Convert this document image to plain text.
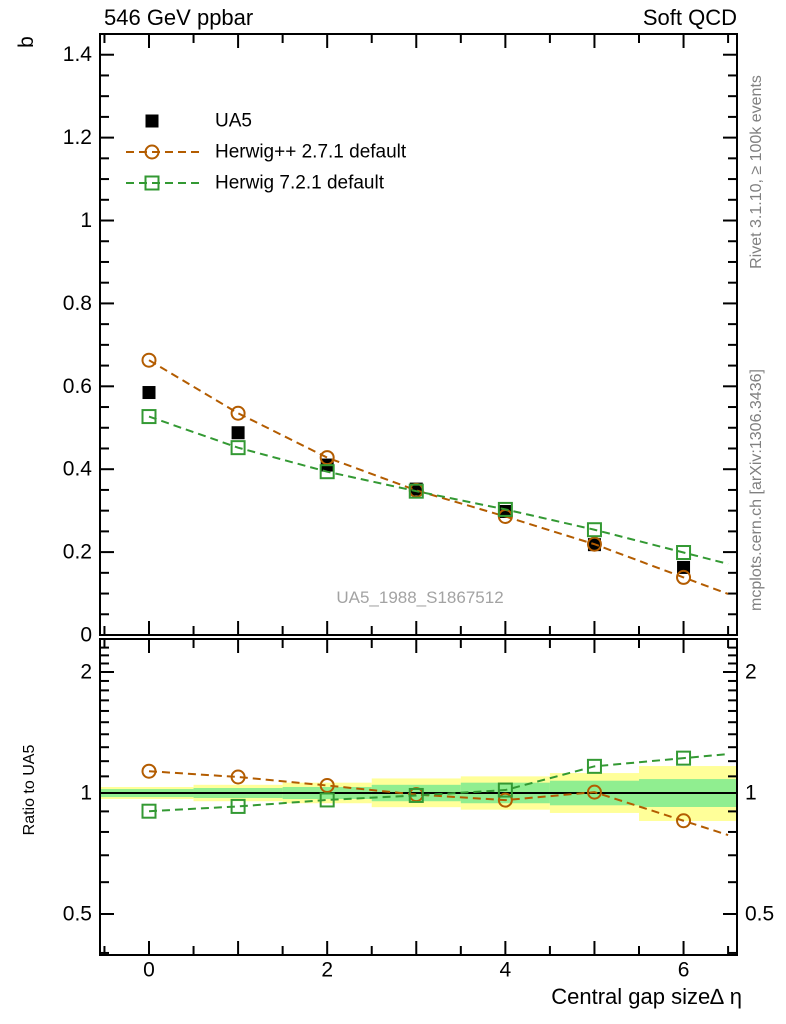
546 GeV ppbar	Soft QCD
b
Rivet 3.1.10, ≥ 100k events
mcplots.cern.ch [arXiv:1306.3436]
UA5_1988_S1867512
Ratio to UA5
Central gap size∆ η
0
0.2
0.4
0.6
0.8
1
1.2
1.4
UA5
Herwig++ 2.7.1 default
Herwig 7.2.1 default
0.5	0.5
1	1
2	2
0	2	4	6
